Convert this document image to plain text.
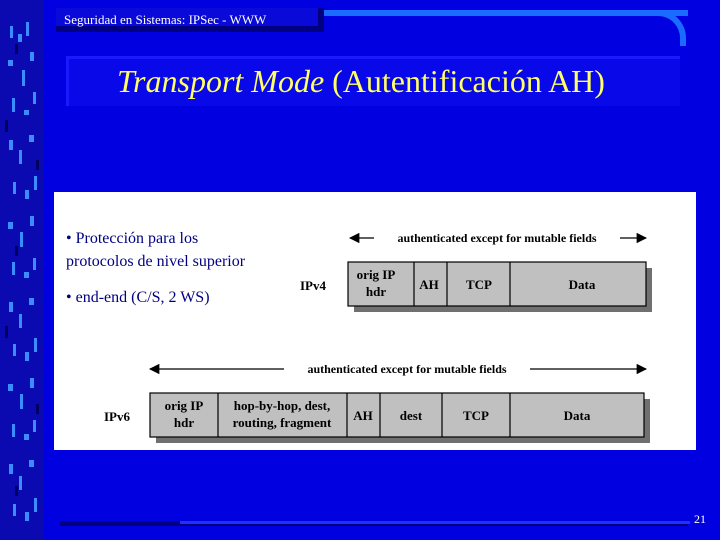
Seguridad en Sistemas: IPSec - WWW
Transport Mode (Autentificación AH)
• Protección para los
protocolos de nivel superior
• end-end (C/S, 2 WS)
authenticated except for mutable fields
IPv4
orig IP
hdr	AH TCP	Data
authenticated except for mutable fields
IPv6
orig IP
hdr
hop-by-hop, dest,
routing, fragment AH dest	TCP	Data
21
